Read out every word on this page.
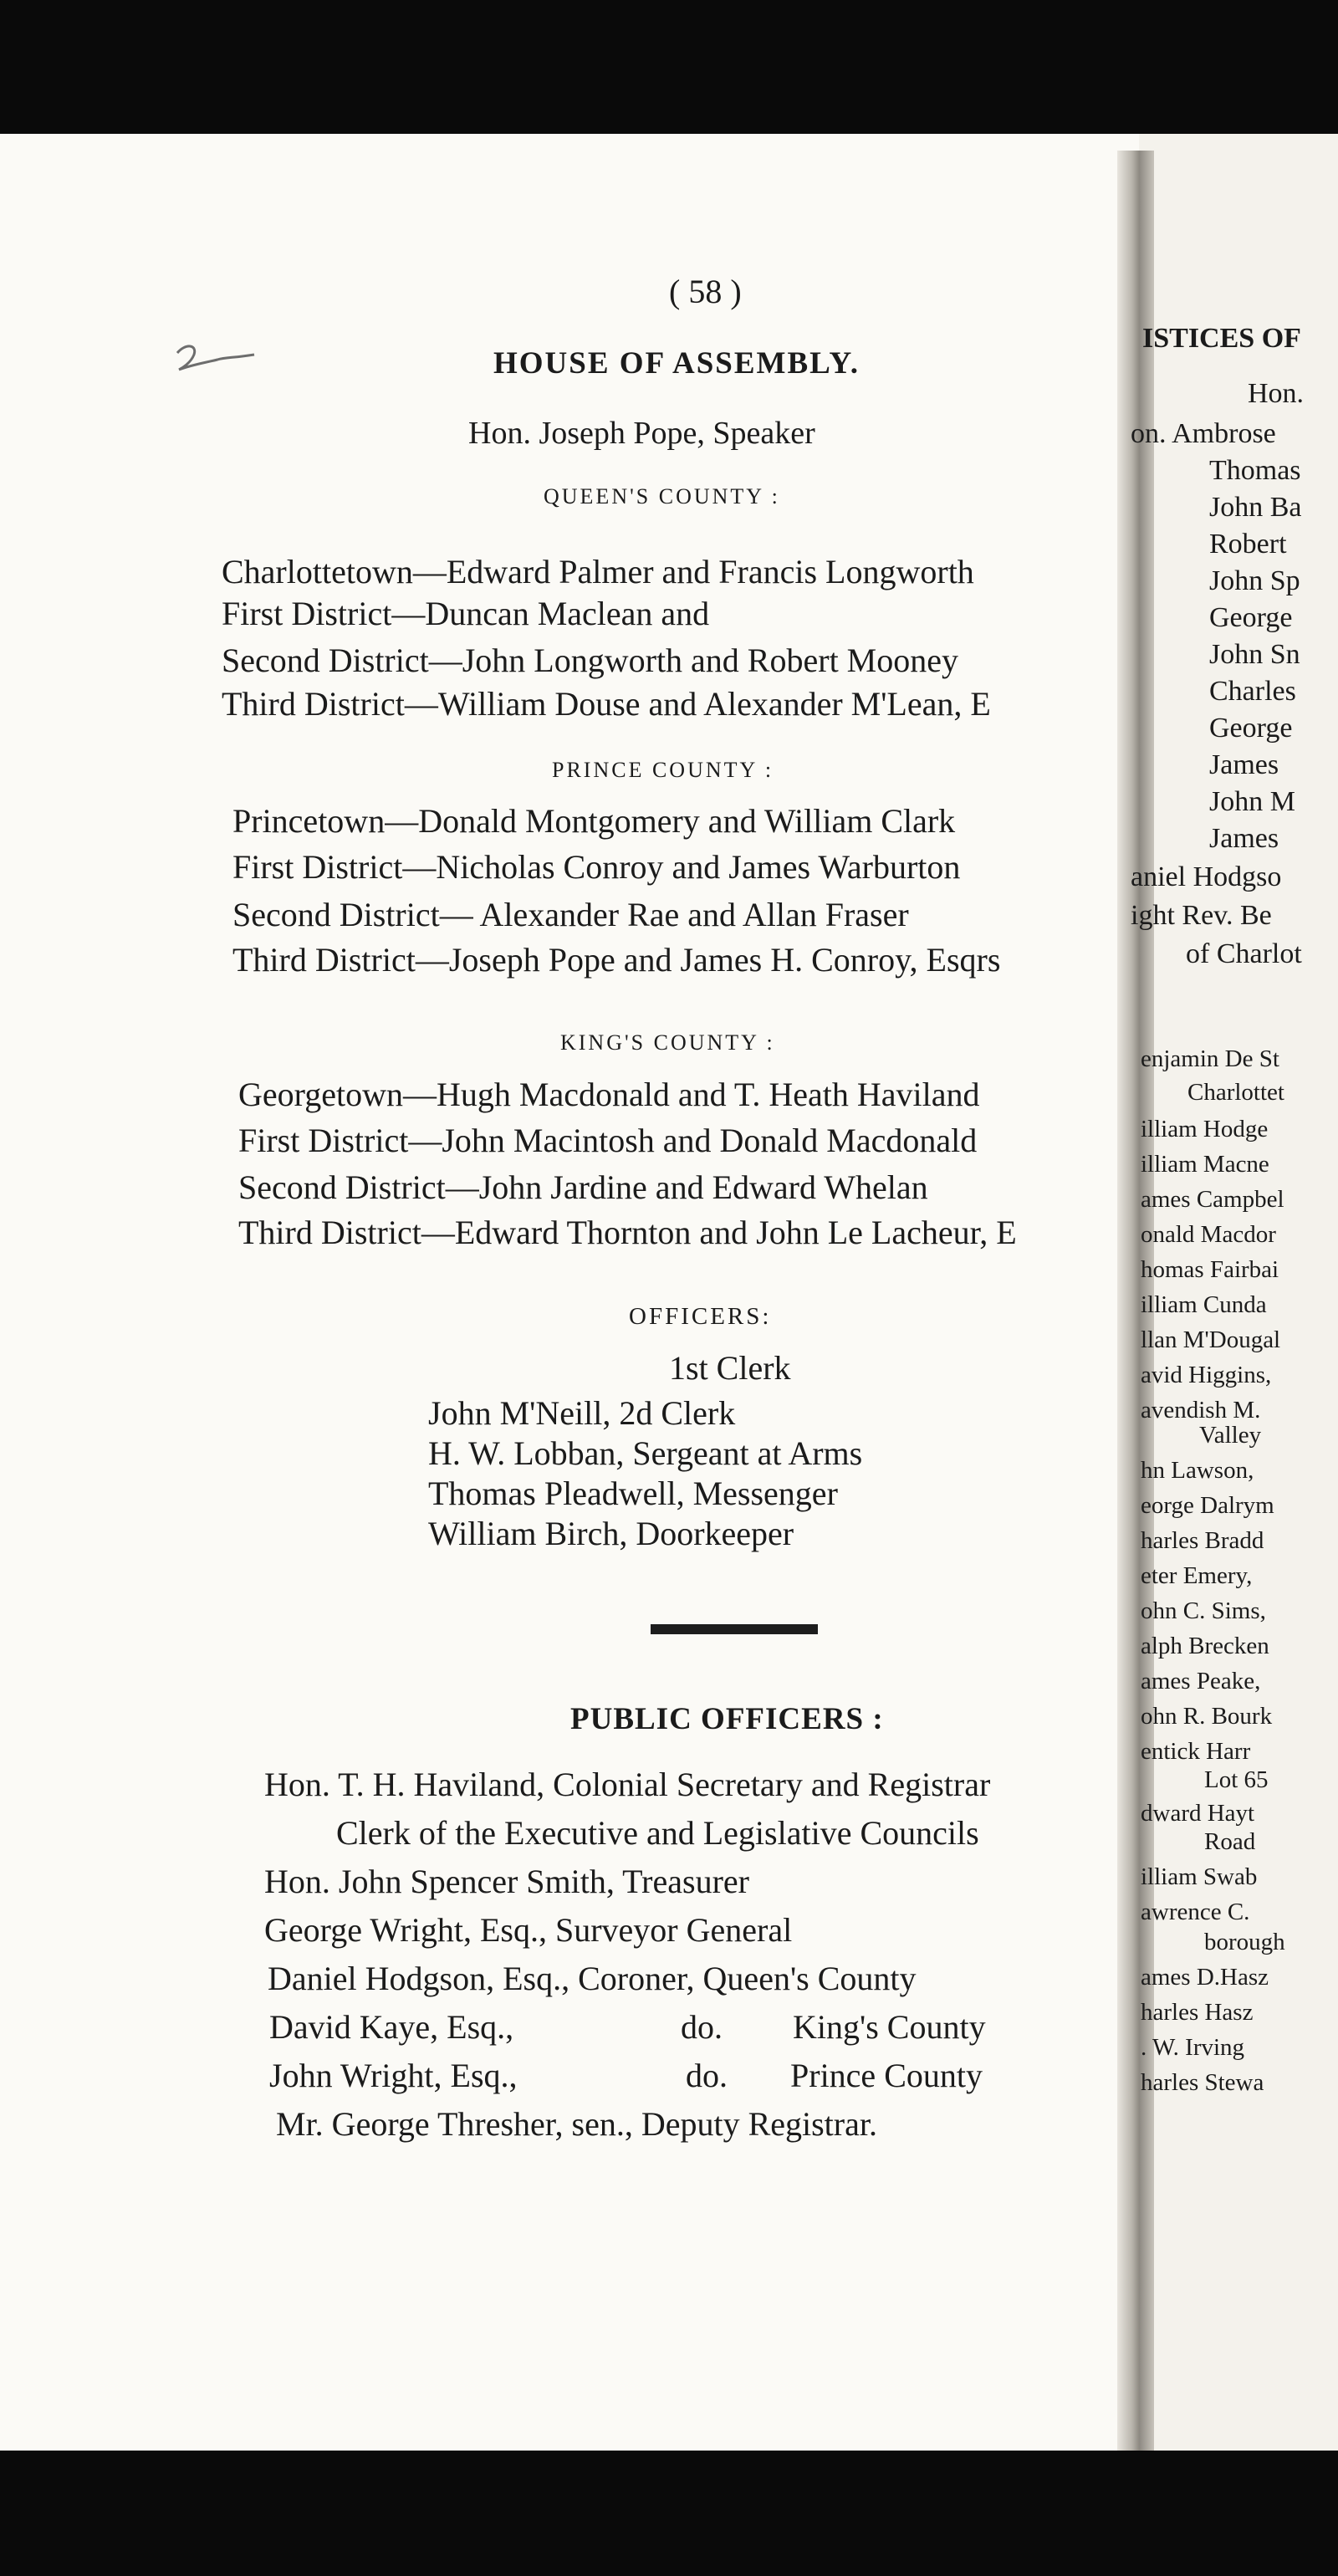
( 58 )
HOUSE OF ASSEMBLY.
Hon. Joseph Pope, Speaker
QUEEN'S COUNTY :
Charlottetown—Edward Palmer and Francis Longworth
First District—Duncan Maclean and
Second District—John Longworth and Robert Mooney
Third District—William Douse and Alexander M'Lean, E
PRINCE COUNTY :
Princetown—Donald Montgomery and William Clark
First District—Nicholas Conroy and James Warburton
Second District— Alexander Rae and Allan Fraser
Third District—Joseph Pope and James H. Conroy, Esqrs
KING'S COUNTY :
Georgetown—Hugh Macdonald and T. Heath Haviland
First District—John Macintosh and Donald Macdonald
Second District—John Jardine and Edward Whelan
Third District—Edward Thornton and John Le Lacheur, E
OFFICERS:
1st Clerk
John M'Neill, 2d Clerk
H. W. Lobban, Sergeant at Arms
Thomas Pleadwell, Messenger
William Birch, Doorkeeper
PUBLIC OFFICERS :
Hon. T. H. Haviland, Colonial Secretary and Registrar
Clerk of the Executive and Legislative Councils
Hon. John Spencer Smith, Treasurer
George Wright, Esq., Surveyor General
Daniel Hodgson, Esq., Coroner, Queen's County
David Kaye, Esq.,	do. King's County
John Wright, Esq.,	do. Prince County
Mr. George Thresher, sen., Deputy Registrar.
ISTICES OF
Hon.
on. Ambrose
Thomas
John Ba
Robert
John Sp
George
John Sn
Charles
George
James
John M
James
aniel Hodgso
ight Rev. Be
of Charlot
enjamin De St
Charlottet
illiam Hodge
illiam Macne
ames Campbel
onald Macdor
homas Fairbai
illiam Cunda
llan M'Dougal
avid Higgins,
avendish M.
Valley
hn Lawson,
eorge Dalrym
harles Bradd
eter Emery,
ohn C. Sims,
alph Brecken
ames Peake,
ohn R. Bourk
entick Harr
Lot 65
dward Hayt
Road
illiam Swab
awrence C.
borough
ames D.Hasz
harles Hasz
. W. Irving
harles Stewa
